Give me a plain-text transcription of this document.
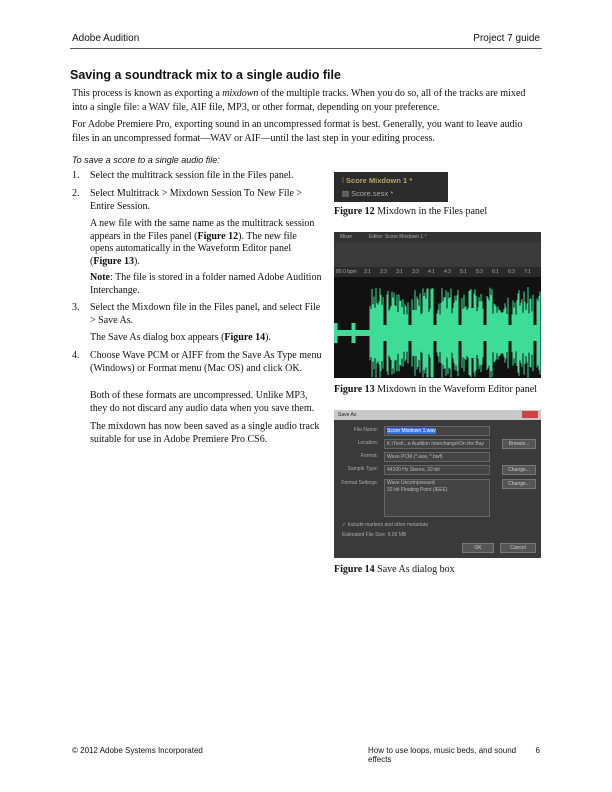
Adobe Audition	Project 7 guide
Saving a soundtrack mix to a single audio file
This process is known as exporting a mixdown of the multiple tracks. When you do so, all of the tracks are mixed into a single file: a WAV file, AIF file, MP3, or other format, depending on your preference.
For Adobe Premiere Pro, exporting sound in an uncompressed format is best. Generally, you want to leave audio files in an uncompressed format—WAV or AIF—until the last step in your editing process.
To save a score to a single audio file:
1. Select the multitrack session file in the Files panel.
2. Select Multitrack > Mixdown Session To New File > Entire Session.
A new file with the same name as the multitrack session appears in the Files panel (Figure 12). The new file opens automatically in the Waveform Editor panel (Figure 13).
Note: The file is stored in a folder named Adobe Audition Interchange.
3. Select the Mixdown file in the Files panel, and select File > Save As.
The Save As dialog box appears (Figure 14).
4. Choose Wave PCM or AIFF from the Save As Type menu (Windows) or Format menu (Mac OS) and click OK.
Both of these formats are uncompressed. Unlike MP3, they do not discard any audio data when you save them.
The mixdown has now been saved as a single audio track suitable for use in Adobe Premiere Pro CS6.
⫶ Score Mixdown 1 *
▤ Score.sesx *
Figure 12 Mixdown in the Files panel
Mixer	Editor: Score Mixdown 1 *
80.0 bpm 2:1 2:3 3:1 3:3 4:1 4:3 5:1 5:3 6:1 6:3 7:1
Figure 13 Mixdown in the Waveform Editor panel
Save As
File Name:	Score Mixdown 1.wav
Location:	K:\Test\...e Audition Interchange\On the Bay	Browse...
Format:	Wave PCM (*.wav, *.bwf)
Sample Type:	44100 Hz Stereo, 32-bit	Change...
Format Settings: Wave Uncompressed
32-bit Floating Point (IEEE)
Change...
✓ Include markers and other metadata
Estimated File Size: 9.09 MB
OK	Cancel
Figure 14 Save As dialog box
© 2012 Adobe Systems Incorporated	How to use loops, music beds, and sound effects
6
